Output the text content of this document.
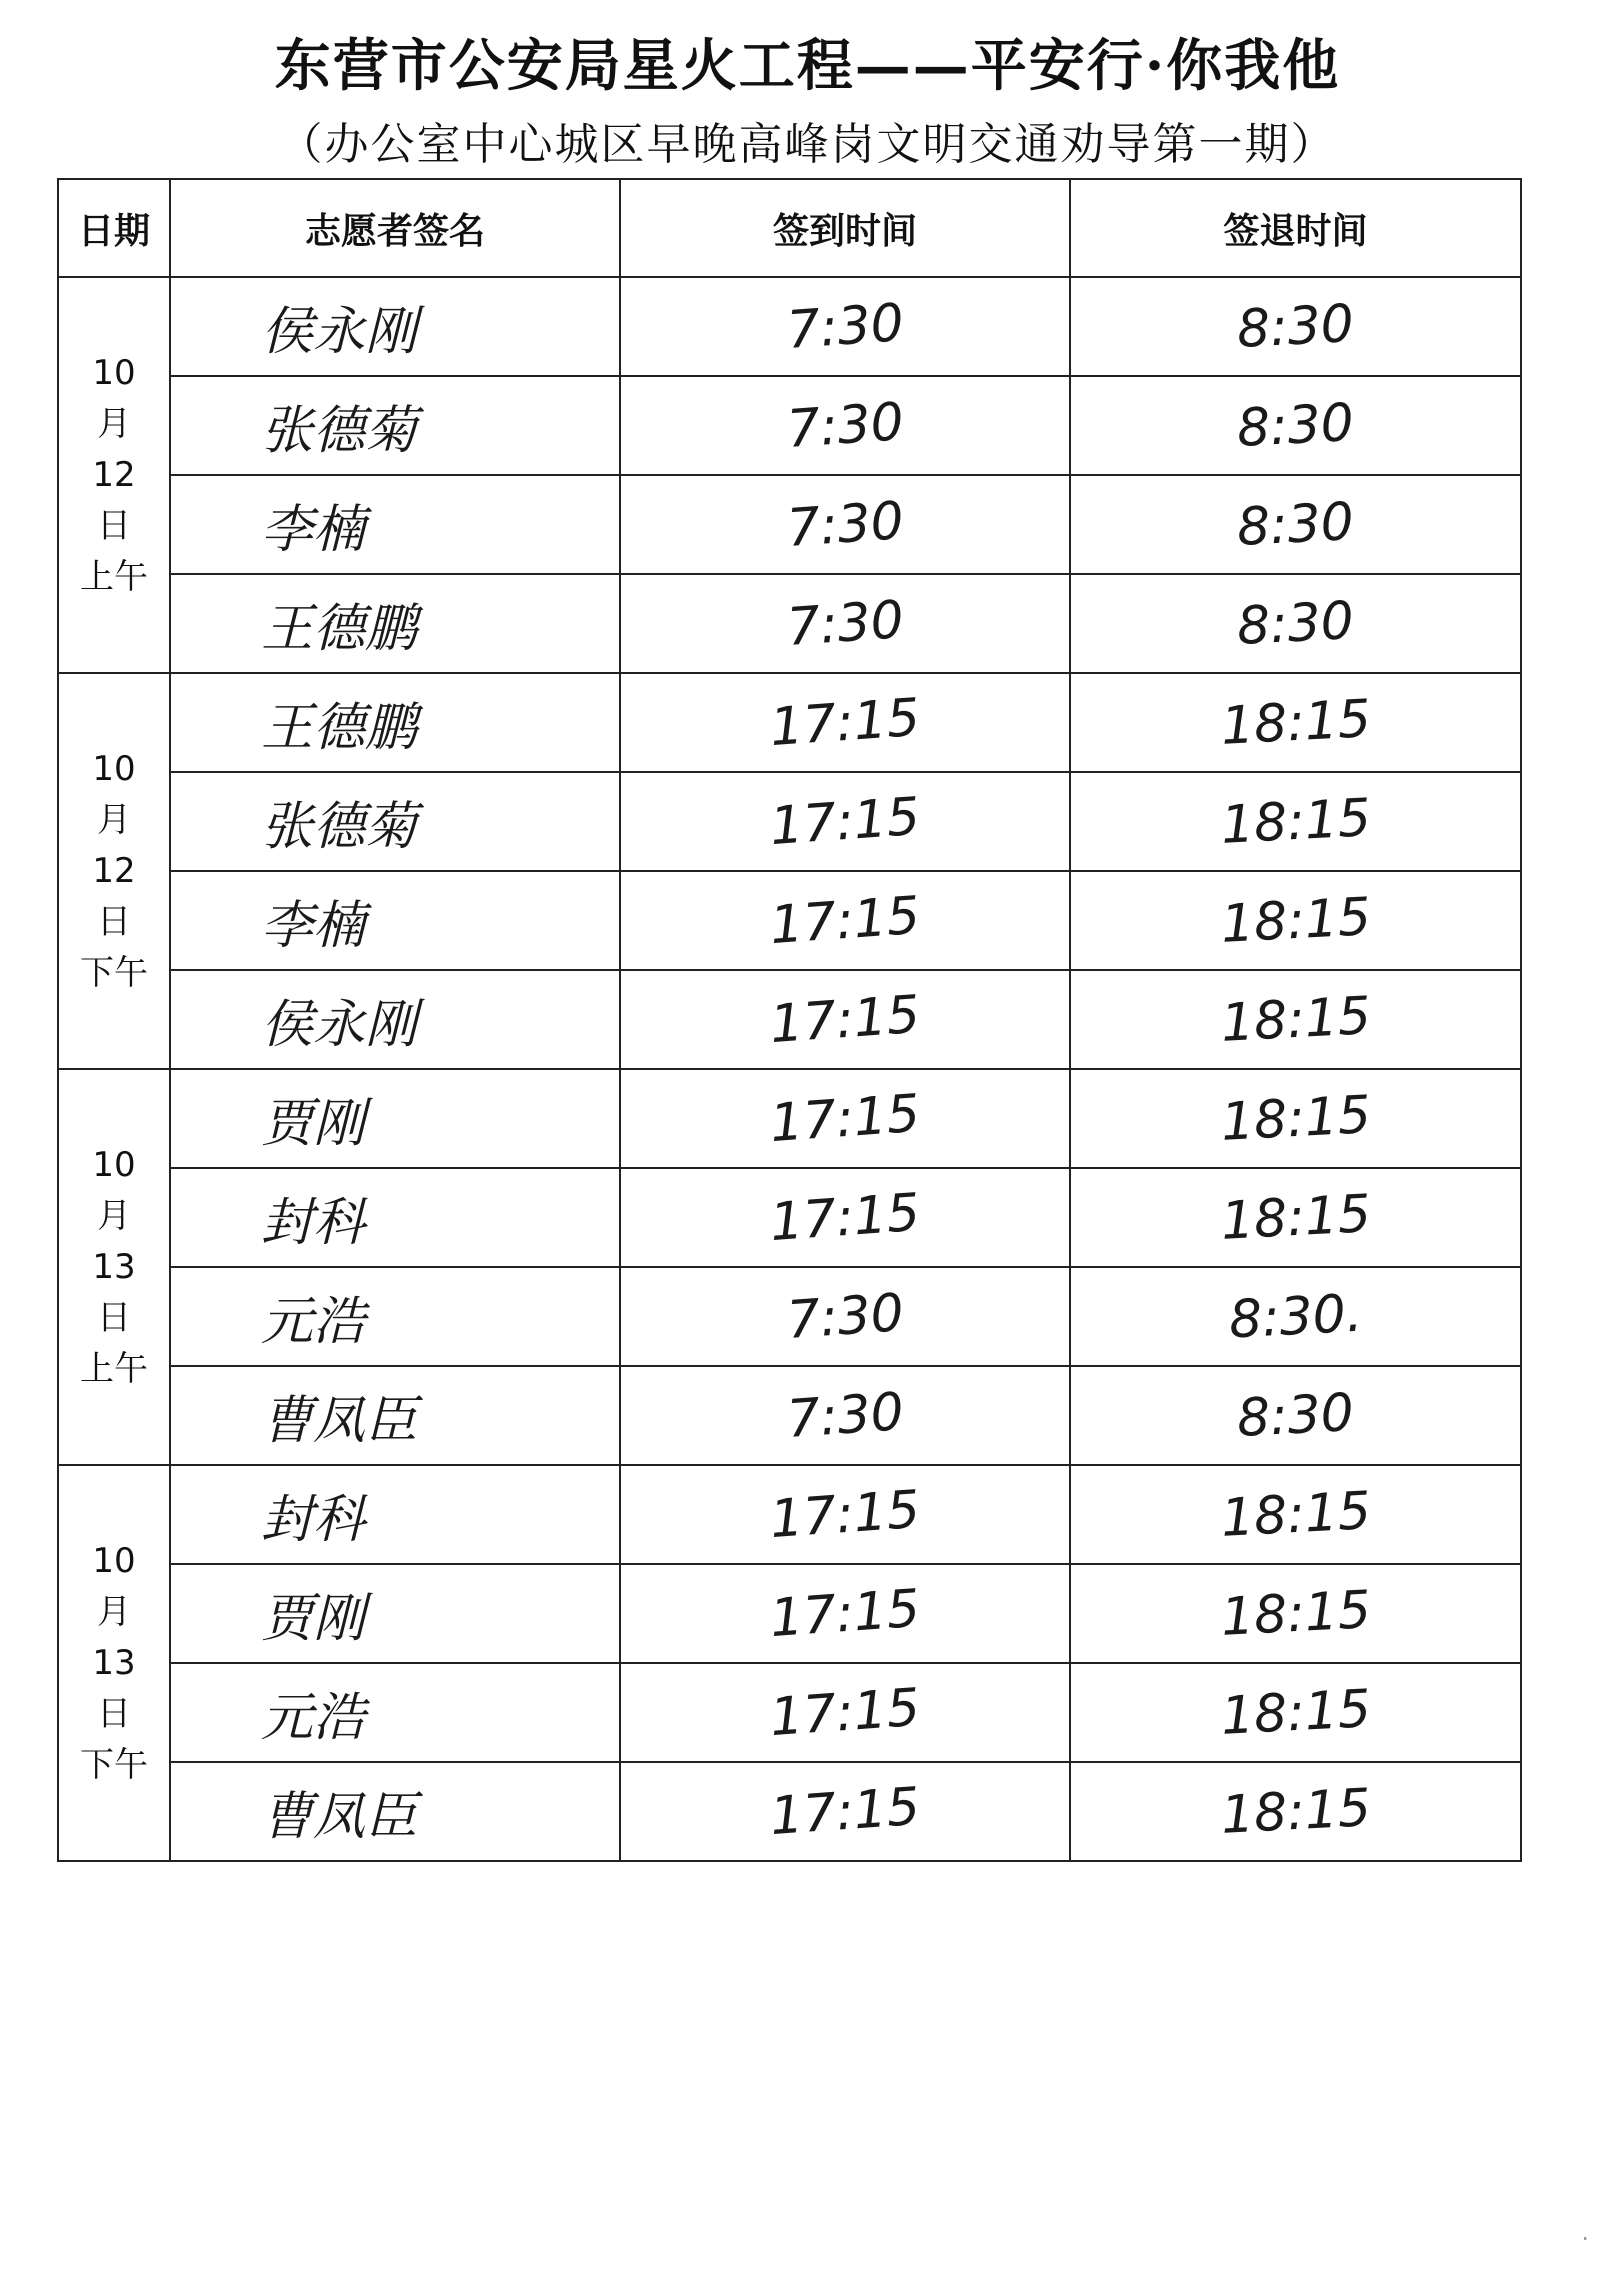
东营市公安局星火工程——平安行·你我他
（办公室中心城区早晚高峰岗文明交通劝导第一期）
日期	志愿者签名	签到时间	签退时间

10
月
12
日
上午	侯永刚	7:30	8:30

	张德菊	7:30	8:30

	李楠	7:30	8:30

	王德鹏	7:30	8:30

10
月
12
日
下午	王德鹏	17:15	18:15

	张德菊	17:15	18:15

	李楠	17:15	18:15

	侯永刚	17:15	18:15

10
月
13
日
上午	贾刚	17:15	18:15

	封科	17:15	18:15

	元浩	7:30	8:30.

	曹凤臣	7:30	8:30

10
月
13
日
下午	封科	17:15	18:15

	贾刚	17:15	18:15

	元浩	17:15	18:15

	曹凤臣	17:15	18:15
·
